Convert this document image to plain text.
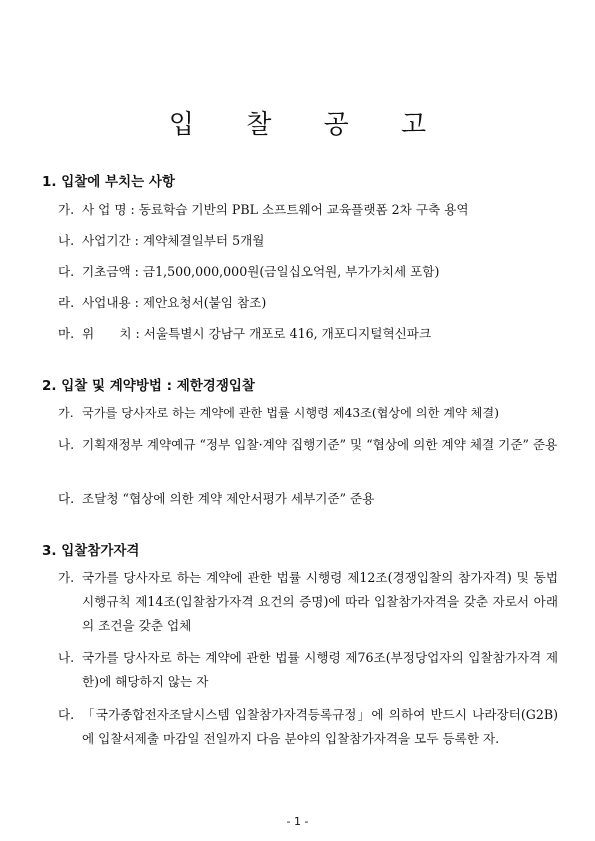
입 찰 공 고
1. 입찰에 부치는 사항
가. 사 업 명 : 동료학습 기반의 PBL 소프트웨어 교육플랫폼 2차 구축 용역
나. 사업기간 : 계약체결일부터 5개월
다. 기초금액 : 금1,500,000,000원(금일십오억원, 부가가치세 포함)
라. 사업내용 : 제안요청서(붙임 참조)
마. 위　　치 : 서울특별시 강남구 개포로 416, 개포디지털혁신파크
2. 입찰 및 계약방법 : 제한경쟁입찰
가. 국가를 당사자로 하는 계약에 관한 법률 시행령 제43조(협상에 의한 계약 체결)
나. 기획재정부 계약예규 “정부 입찰·계약 집행기준” 및 “협상에 의한 계약 체결 기준” 준용
다. 조달청 “협상에 의한 계약 제안서평가 세부기준” 준용
3. 입찰참가자격
가. 국가를 당사자로 하는 계약에 관한 법률 시행령 제12조(경쟁입찰의 참가자격) 및 동법 시행규칙 제14조(입찰참가자격 요건의 증명)에 따라 입찰참가자격을 갖춘 자로서 아래의 조건을 갖춘 업체
나. 국가를 당사자로 하는 계약에 관한 법률 시행령 제76조(부정당업자의 입찰참가자격 제한)에 해당하지 않는 자
다. 「국가종합전자조달시스템 입찰참가자격등록규정」에 의하여 반드시 나라장터(G2B)에 입찰서제출 마감일 전일까지 다음 분야의 입찰참가자격을 모두 등록한 자.
- 1 -
